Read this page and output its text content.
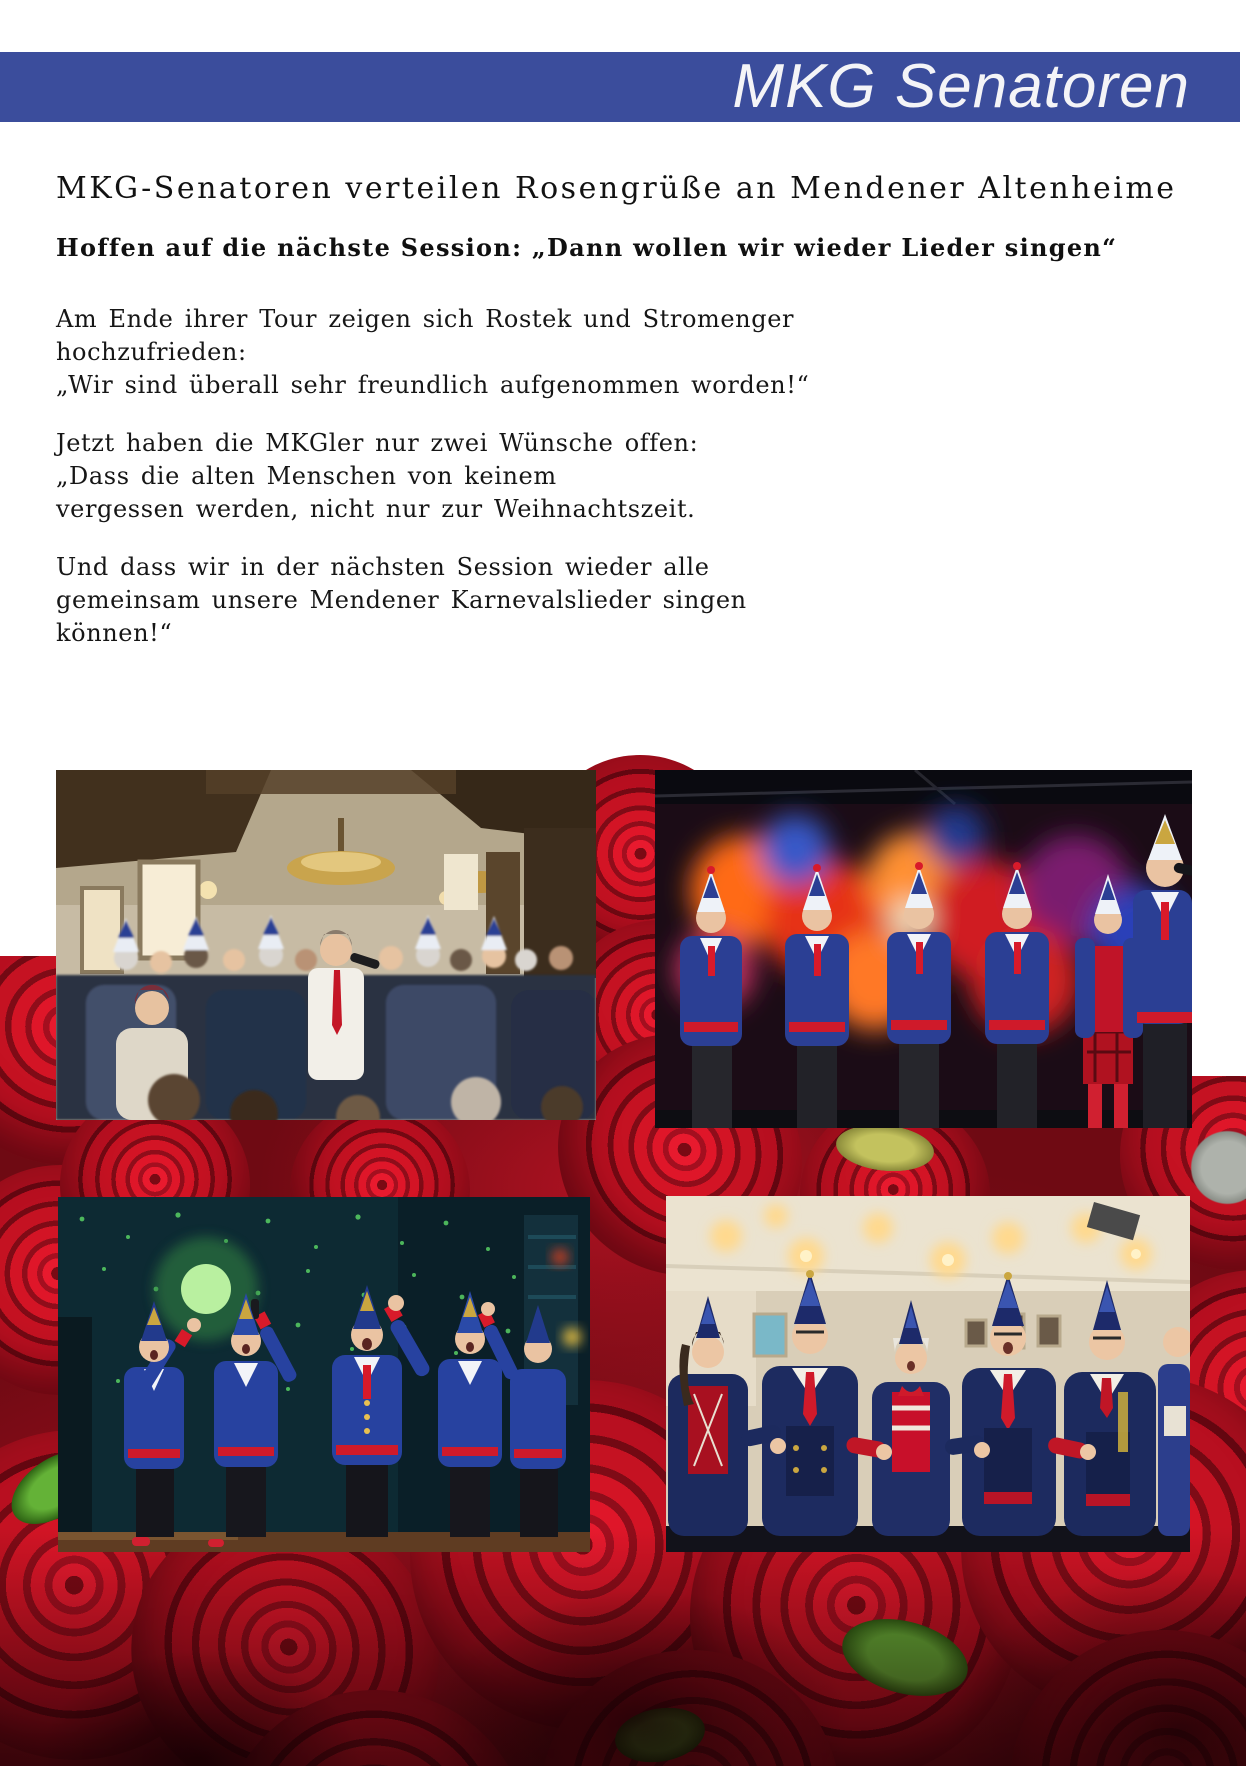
MKG Senatoren
MKG-Senatoren verteilen Rosengrüße an Mendener Altenheime
Hoffen auf die nächste Session: „Dann wollen wir wieder Lieder singen“
Am Ende ihrer Tour zeigen sich Rostek und Stromenger
hochzufrieden:
„Wir sind überall sehr freundlich aufgenommen worden!“
Jetzt haben die MKGler nur zwei Wünsche offen:
„Dass die alten Menschen von keinem
vergessen werden, nicht nur zur Weihnachtszeit.
Und dass wir in der nächsten Session wieder alle
gemeinsam unsere Mendener Karnevalslieder singen
können!“
